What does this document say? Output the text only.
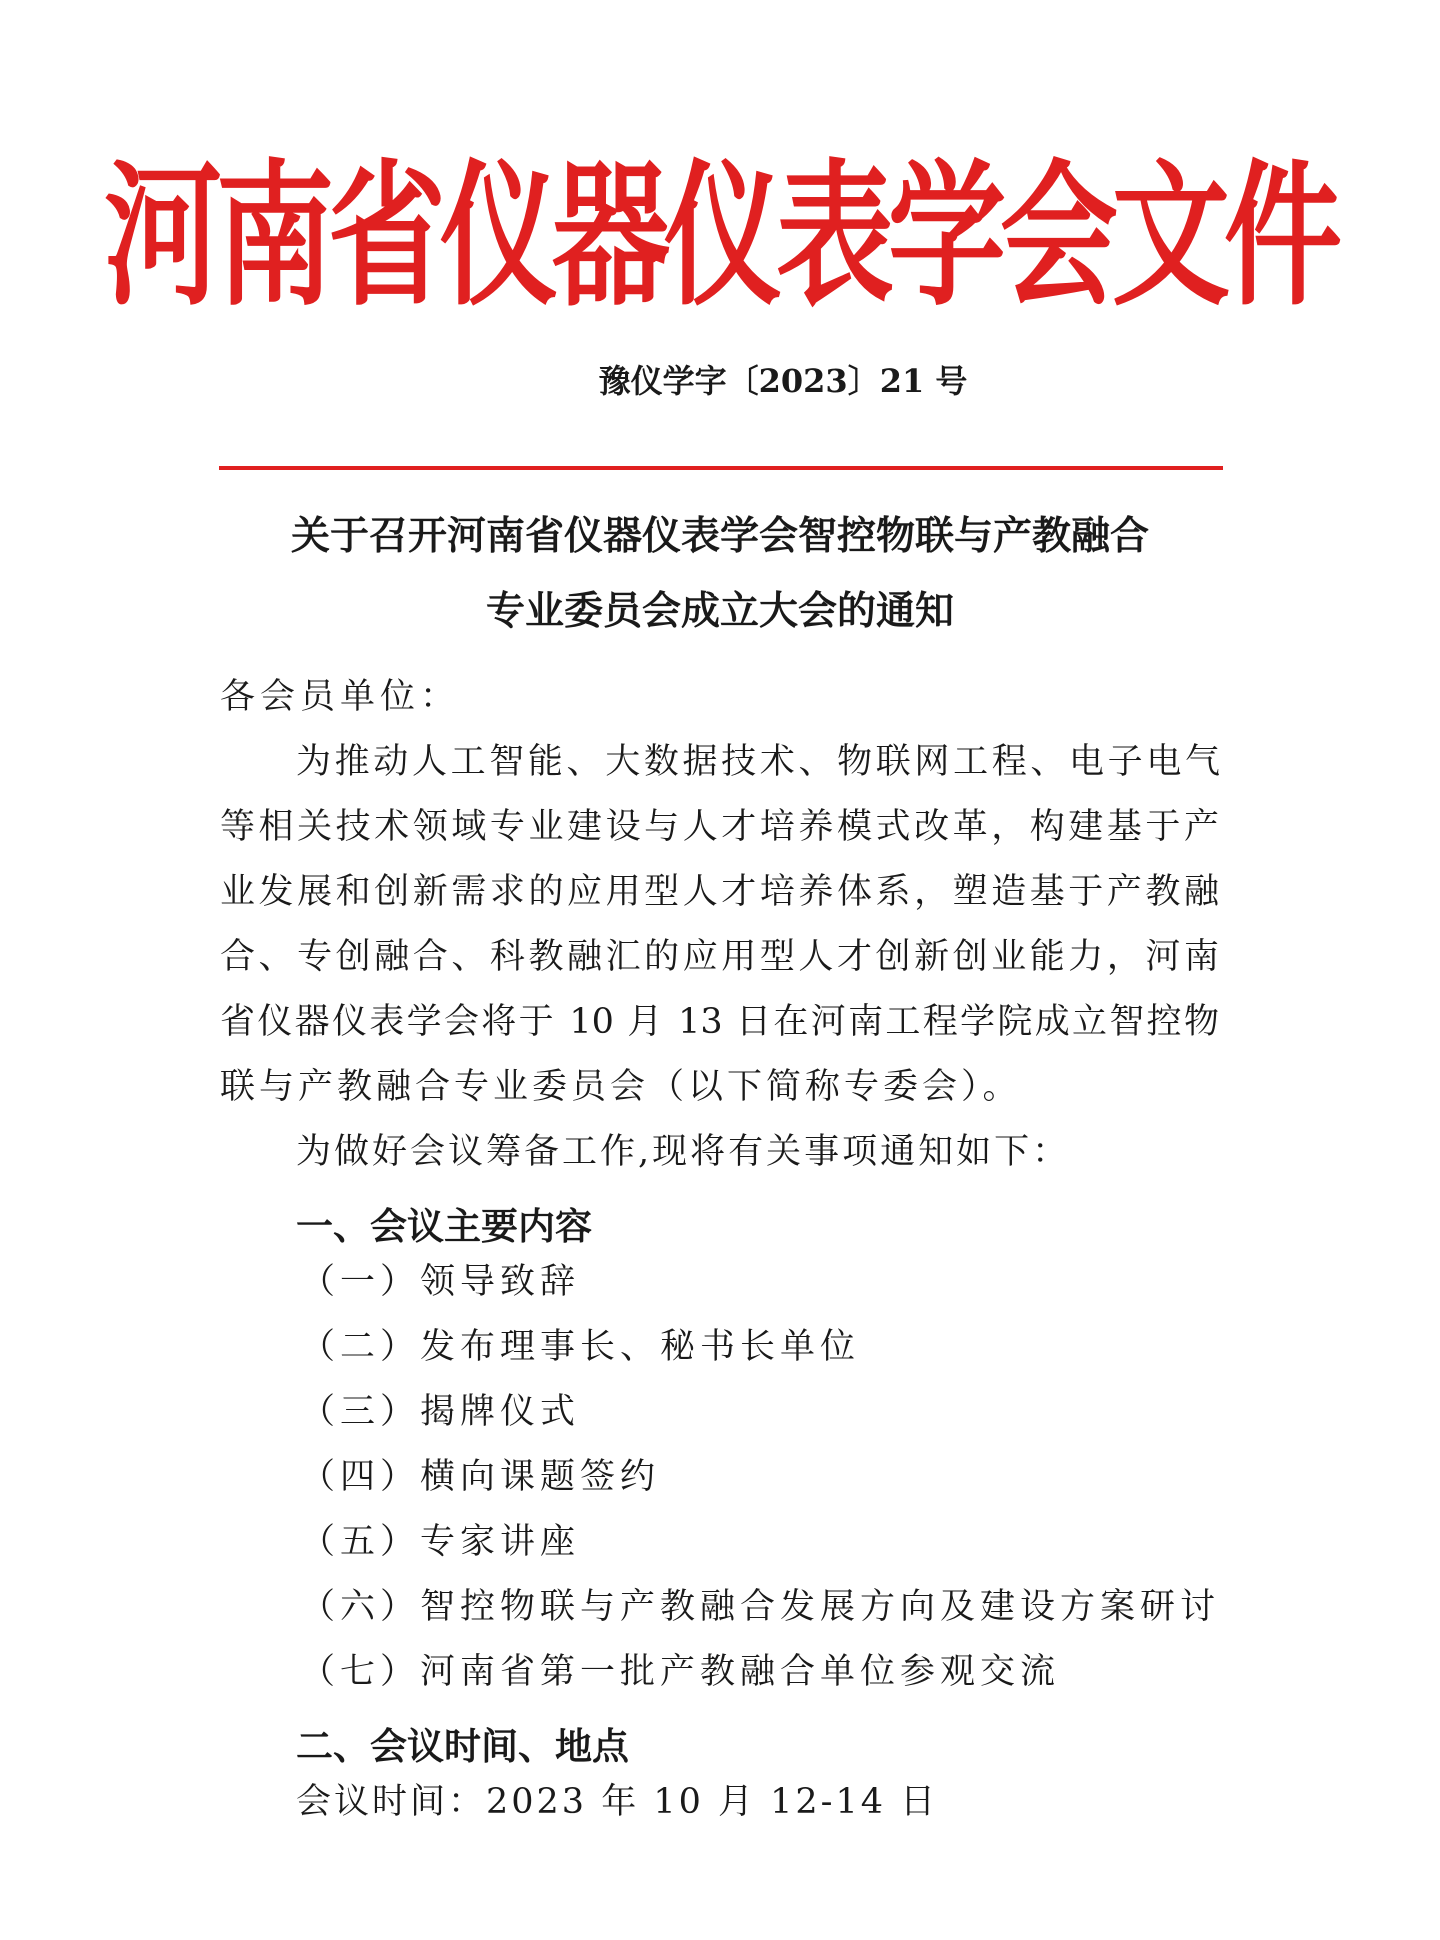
河南省仪器仪表学会文件
豫仪学字〔2023〕21 号
关于召开河南省仪器仪表学会智控物联与产教融合
专业委员会成立大会的通知
各会员单位：
为推动人工智能、大数据技术、物联网工程、电子电气
等相关技术领域专业建设与人才培养模式改革，构建基于产
业发展和创新需求的应用型人才培养体系，塑造基于产教融
合、专创融合、科教融汇的应用型人才创新创业能力，河南
省仪器仪表学会将于 10 月 13 日在河南工程学院成立智控物
联与产教融合专业委员会（以下简称专委会）。
为做好会议筹备工作,现将有关事项通知如下：
一、会议主要内容
（一）领导致辞
（二）发布理事长、秘书长单位
（三）揭牌仪式
（四）横向课题签约
（五）专家讲座
（六）智控物联与产教融合发展方向及建设方案研讨
（七）河南省第一批产教融合单位参观交流
二、会议时间、地点
会议时间：2023 年 10 月 12-14 日
